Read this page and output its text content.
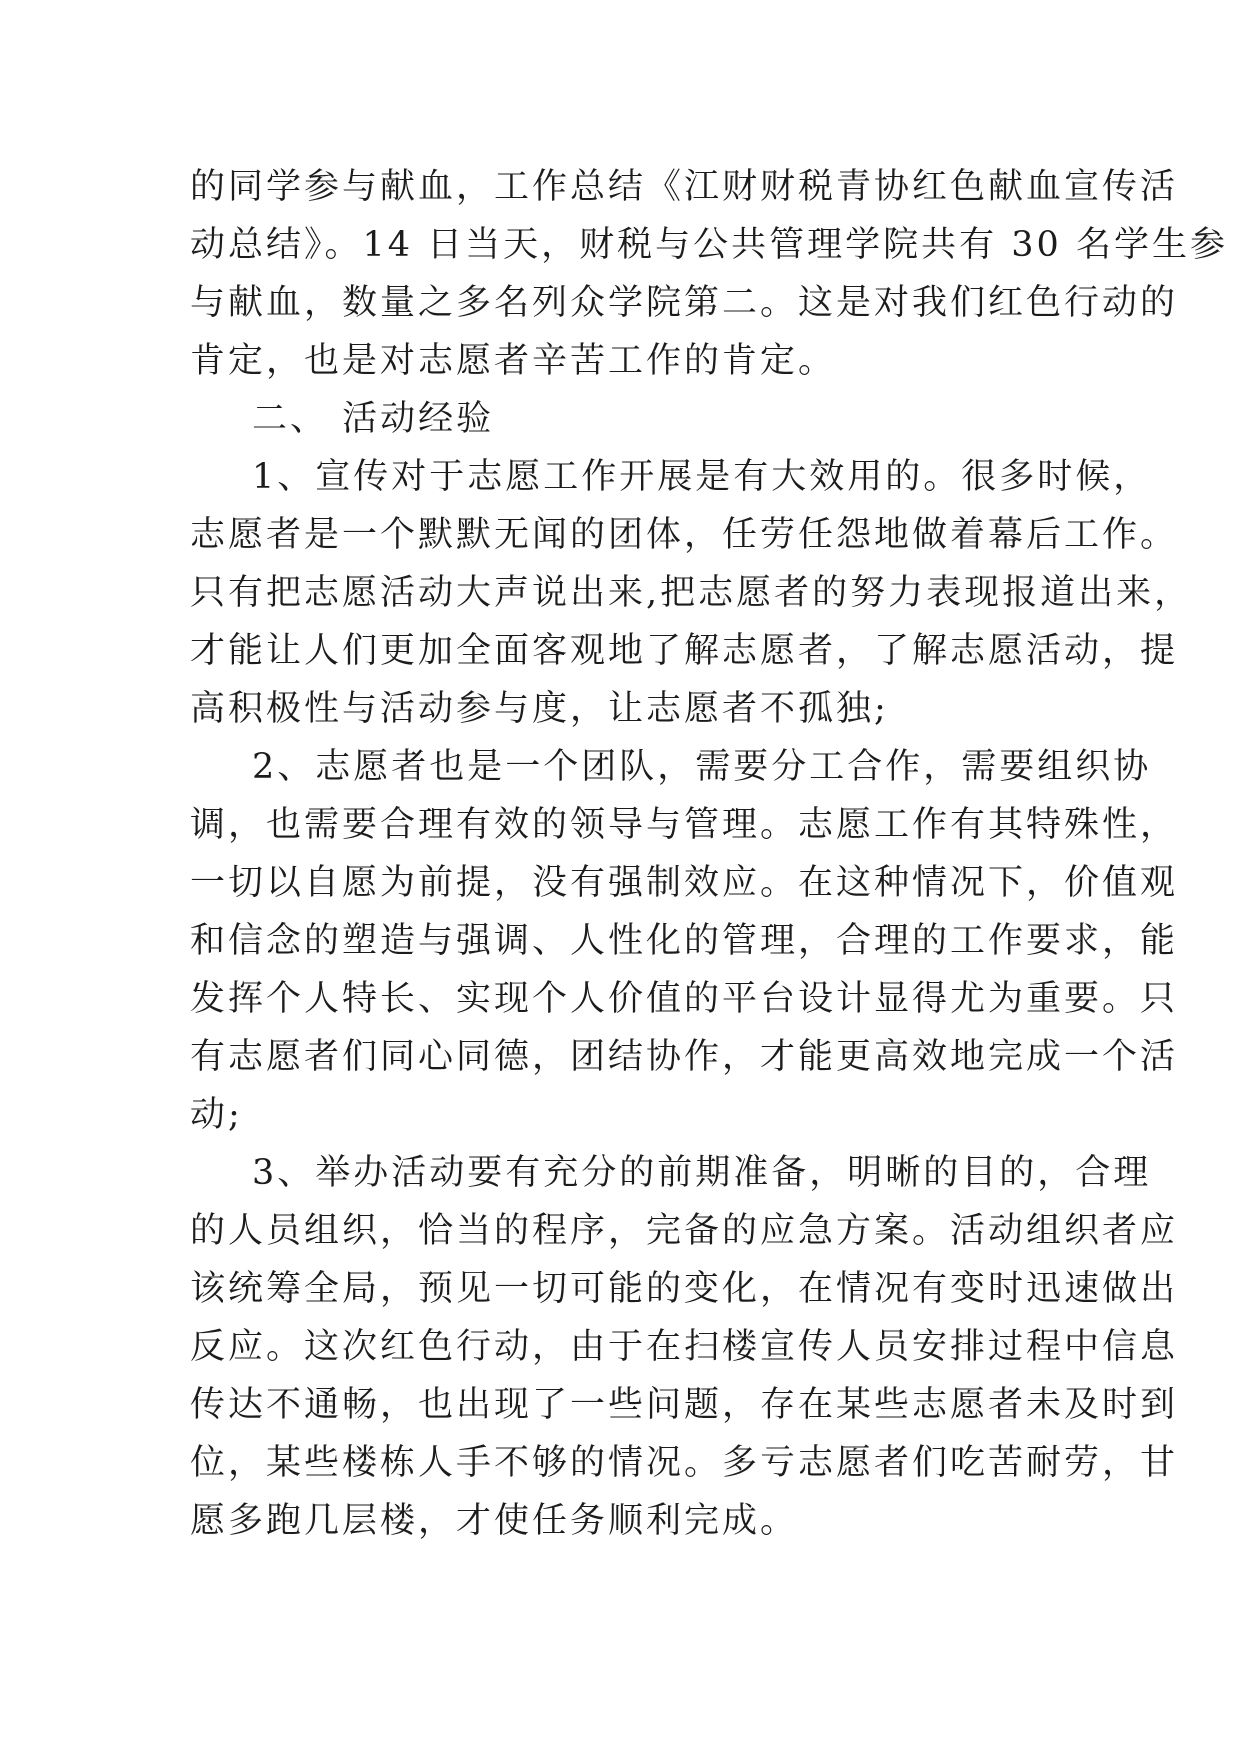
的同学参与献血，工作总结《江财财税青协红色献血宣传活
动总结》。14 日当天，财税与公共管理学院共有 30 名学生参
与献血，数量之多名列众学院第二。这是对我们红色行动的
肯定，也是对志愿者辛苦工作的肯定。
二、 活动经验
1、宣传对于志愿工作开展是有大效用的。很多时候，
志愿者是一个默默无闻的团体，任劳任怨地做着幕后工作。
只有把志愿活动大声说出来,把志愿者的努力表现报道出来，
才能让人们更加全面客观地了解志愿者，了解志愿活动，提
高积极性与活动参与度，让志愿者不孤独;
2、志愿者也是一个团队，需要分工合作，需要组织协
调，也需要合理有效的领导与管理。志愿工作有其特殊性，
一切以自愿为前提，没有强制效应。在这种情况下，价值观
和信念的塑造与强调、人性化的管理，合理的工作要求，能
发挥个人特长、实现个人价值的平台设计显得尤为重要。只
有志愿者们同心同德，团结协作，才能更高效地完成一个活
动;
3、举办活动要有充分的前期准备，明晰的目的，合理
的人员组织，恰当的程序，完备的应急方案。活动组织者应
该统筹全局，预见一切可能的变化，在情况有变时迅速做出
反应。这次红色行动，由于在扫楼宣传人员安排过程中信息
传达不通畅，也出现了一些问题，存在某些志愿者未及时到
位，某些楼栋人手不够的情况。多亏志愿者们吃苦耐劳，甘
愿多跑几层楼，才使任务顺利完成。
